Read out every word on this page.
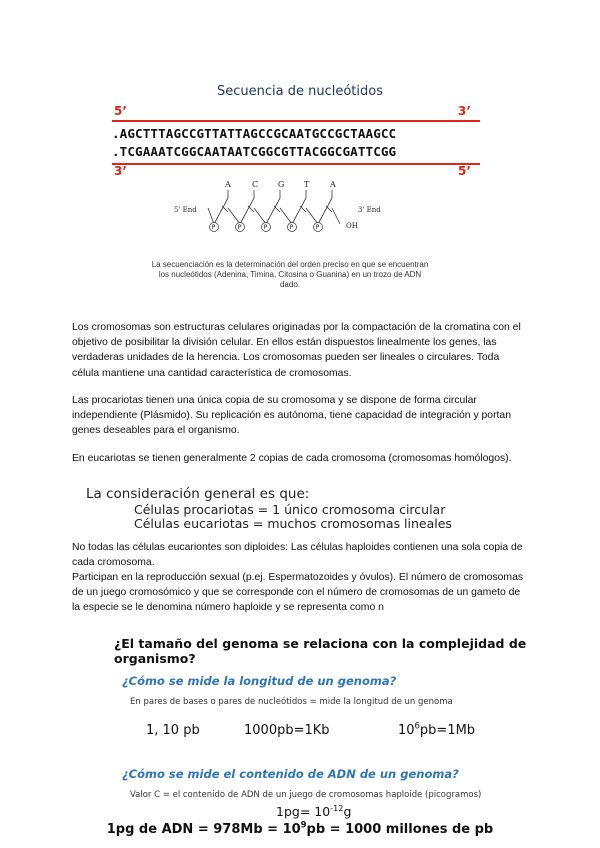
Secuencia de nucleótidos
5’	3’
.AGCTTTAGCCGTTATTAGCCGCAATGCCGCTAAGCC
.TCGAAATCGGCAATAATCGGCGTTACGGCGATTCGG
3’	5’
A	C G T	A
5' End	3' End
OH
P	P	P	P	P
La secuenciación es la determinación del orden preciso en que se encuentran los nucleótidos (Adenina, Timina, Citosina o Guanina) en un trozo de ADN dado.

Los cromosomas son estructuras celulares originadas por la compactación de la cromatina con el objetivo de posibilitar la división celular. En ellos están dispuestos linealmente los genes, las verdaderas unidades de la herencia. Los cromosomas pueden ser lineales o circulares. Toda célula mantiene una cantidad característica de cromosomas.

Las procariotas tienen una única copia de su cromosoma y se dispone de forma circular independiente (Plásmido). Su replicación es autónoma, tiene capacidad de integración y portan genes deseables para el organismo.

En eucariotas se tienen generalmente 2 copias de cada cromosoma (cromosomas homólogos).

La consideración general es que:
Células procariotas = 1 único cromosoma circular
Células eucariotas = muchos cromosomas lineales

No todas las células eucariontes son diploides: Las células haploides contienen una sola copia de cada cromosoma.

Participan en la reproducción sexual (p.ej. Espermatozoides y óvulos). El número de cromosomas de un juego cromosómico y que se corresponde con el número de cromosomas de un gameto de la especie se le denomina número haploide y se representa como n

¿El tamaño del genoma se relaciona con la complejidad de organismo?
¿Cómo se mide la longitud de un genoma?
En pares de bases o pares de nucleótidos = mide la longitud de un genoma
1, 10 pb	1000pb=1Kb	$10^6pb=1Mb$
¿Cómo se mide el contenido de ADN de un genoma?
Valor C = el contenido de ADN de un juego de cromosomas haploide (picogramos)
$1pg= 10^{-12}g$
1pg de ADN = $978Mb = 10^9pb = 1000$ millones de pb
